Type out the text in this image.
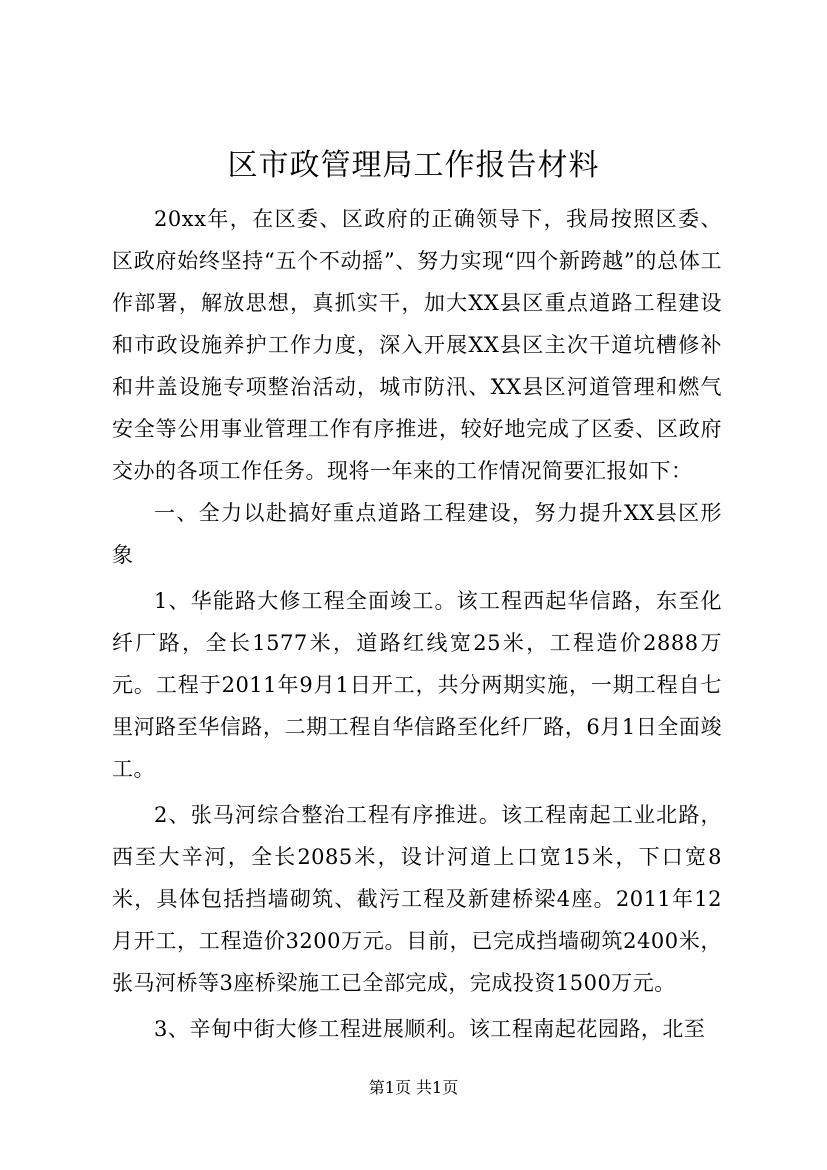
区市政管理局工作报告材料

20xx年，在区委、区政府的正确领导下，我局按照区委、区政府始终坚持“五个不动摇”、努力实现“四个新跨越”的总体工作部署，解放思想，真抓实干，加大XX县区重点道路工程建设和市政设施养护工作力度，深入开展XX县区主次干道坑槽修补和井盖设施专项整治活动，城市防汛、XX县区河道管理和燃气安全等公用事业管理工作有序推进，较好地完成了区委、区政府交办的各项工作任务。现将一年来的工作情况简要汇报如下：

一、全力以赴搞好重点道路工程建设，努力提升XX县区形象

1、华能路大修工程全面竣工。该工程西起华信路，东至化纤厂路，全长1577米，道路红线宽25米，工程造价2888万元。工程于2011年9月1日开工，共分两期实施，一期工程自七里河路至华信路，二期工程自华信路至化纤厂路，6月1日全面竣工。

2、张马河综合整治工程有序推进。该工程南起工业北路，西至大辛河，全长2085米，设计河道上口宽15米，下口宽8米，具体包括挡墙砌筑、截污工程及新建桥梁4座。2011年12月开工，工程造价3200万元。目前，已完成挡墙砌筑2400米，张马河桥等3座桥梁施工已全部完成，完成投资1500万元。

3、辛甸中街大修工程进展顺利。该工程南起花园路，北至

第1页 共1页
